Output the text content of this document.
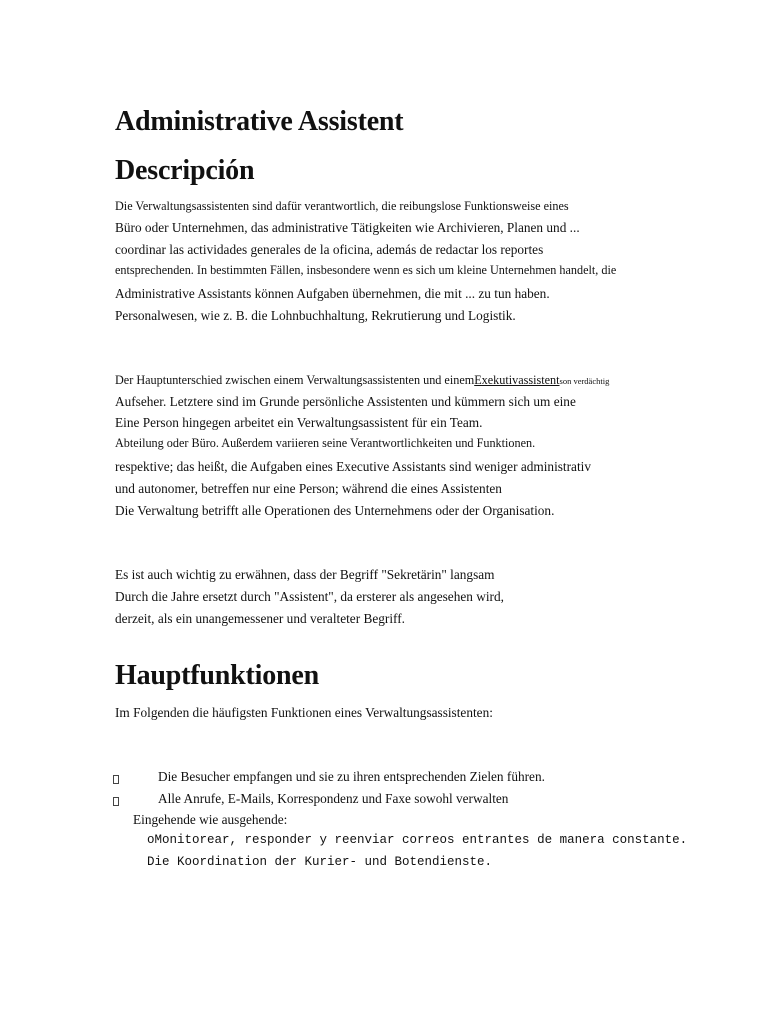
Administrative Assistent
Descripción
Die Verwaltungsassistenten sind dafür verantwortlich, die reibungslose Funktionsweise eines
Büro oder Unternehmen, das administrative Tätigkeiten wie Archivieren, Planen und ...
coordinar las actividades generales de la oficina, además de redactar los reportes
entsprechenden. In bestimmten Fällen, insbesondere wenn es sich um kleine Unternehmen handelt, die
Administrative Assistants können Aufgaben übernehmen, die mit ... zu tun haben.
Personalwesen, wie z. B. die Lohnbuchhaltung, Rekrutierung und Logistik.
Der Hauptunterschied zwischen einem Verwaltungsassistenten und einemExekutivassistentson verdächtig
Aufseher. Letztere sind im Grunde persönliche Assistenten und kümmern sich um eine
Eine Person hingegen arbeitet ein Verwaltungsassistent für ein Team.
Abteilung oder Büro. Außerdem variieren seine Verantwortlichkeiten und Funktionen.
respektive; das heißt, die Aufgaben eines Executive Assistants sind weniger administrativ
und autonomer, betreffen nur eine Person; während die eines Assistenten
Die Verwaltung betrifft alle Operationen des Unternehmens oder der Organisation.
Es ist auch wichtig zu erwähnen, dass der Begriff "Sekretärin" langsam
Durch die Jahre ersetzt durch "Assistent", da ersterer als angesehen wird,
derzeit, als ein unangemessener und veralteter Begriff.
Hauptfunktionen
Im Folgenden die häufigsten Funktionen eines Verwaltungsassistenten:
Die Besucher empfangen und sie zu ihren entsprechenden Zielen führen.
Alle Anrufe, E-Mails, Korrespondenz und Faxe sowohl verwalten
Eingehende wie ausgehende:
oMonitorear, responder y reenviar correos entrantes de manera constante.
Die Koordination der Kurier- und Botendienste.
